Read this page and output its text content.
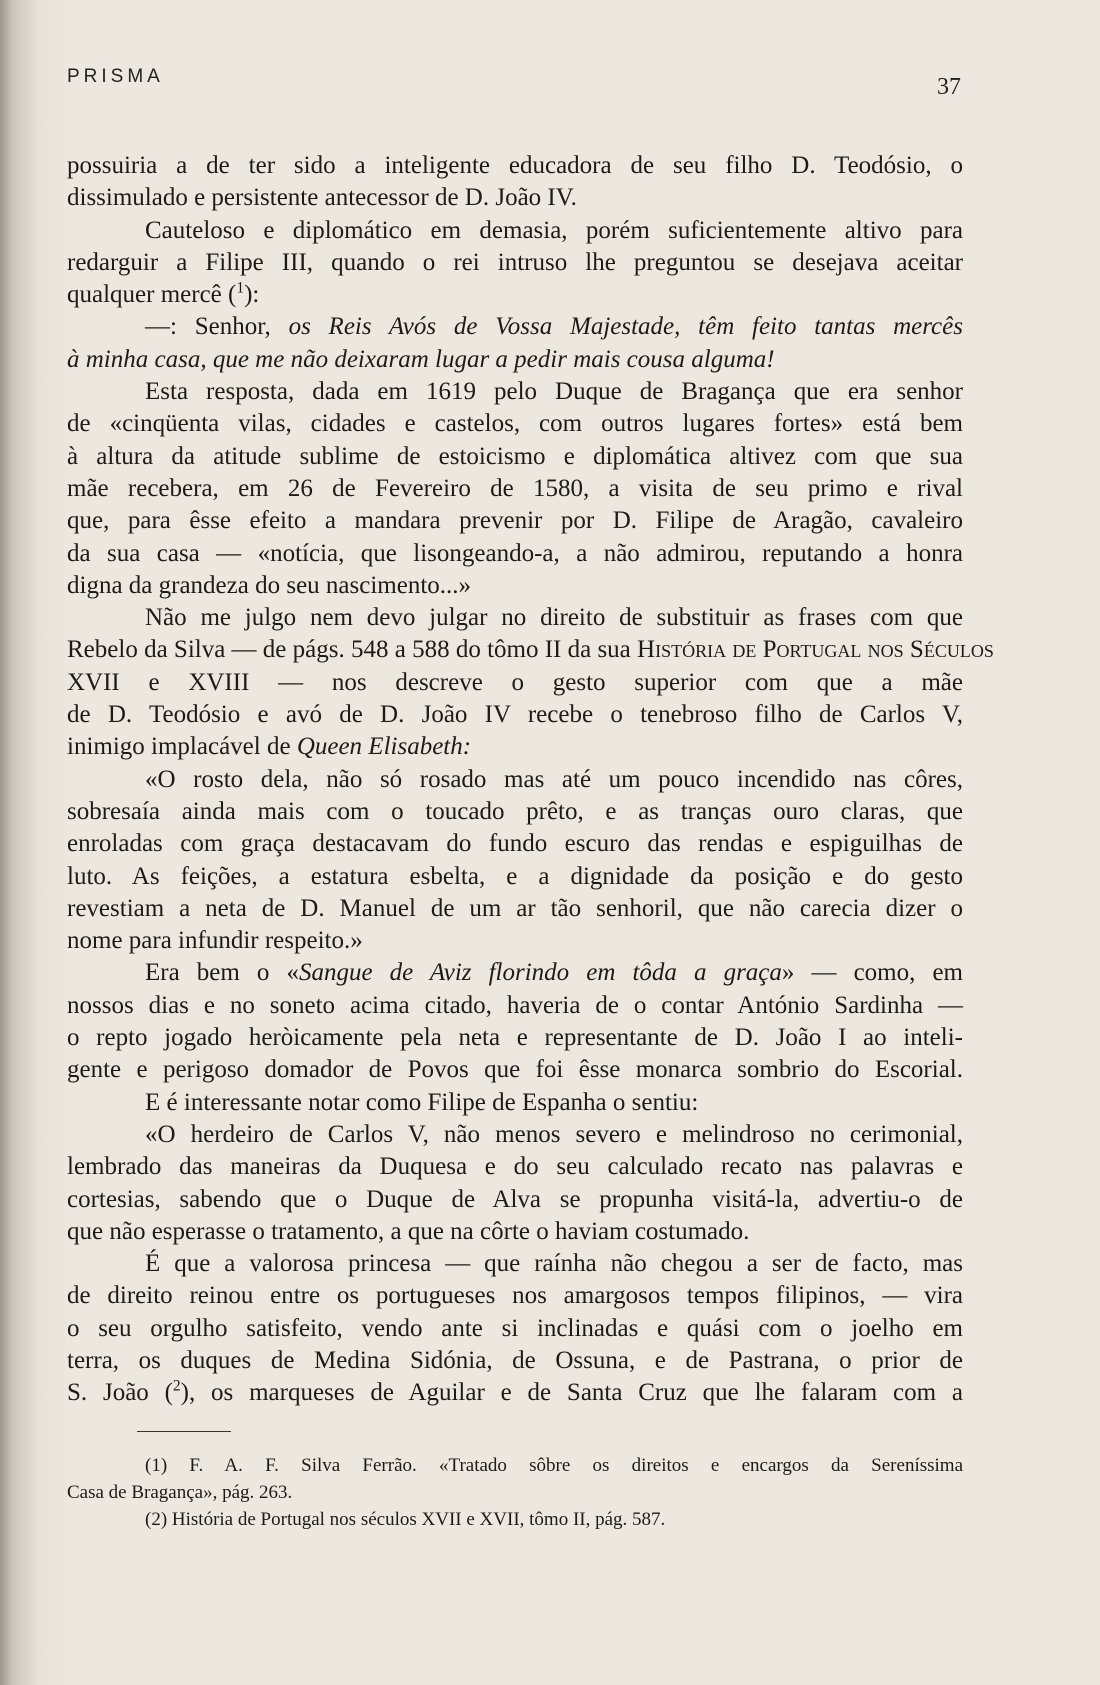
PRISMA	37
possuiria a de ter sido a inteligente educadora de seu filho D. Teodósio, o
dissimulado e persistente antecessor de D. João IV.
Cauteloso e diplomático em demasia, porém suficientemente altivo para
redarguir a Filipe III, quando o rei intruso lhe preguntou se desejava aceitar
qualquer mercê ($^1$):
—: Senhor, os Reis Avós de Vossa Majestade, têm feito tantas mercês
à minha casa, que me não deixaram lugar a pedir mais cousa alguma!
Esta resposta, dada em 1619 pelo Duque de Bragança que era senhor
de «cinqüenta vilas, cidades e castelos, com outros lugares fortes» está bem
à altura da atitude sublime de estoicismo e diplomática altivez com que sua
mãe recebera, em 26 de Fevereiro de 1580, a visita de seu primo e rival
que, para êsse efeito a mandara prevenir por D. Filipe de Aragão, cavaleiro
da sua casa — «notícia, que lisongeando-a, a não admirou, reputando a honra
digna da grandeza do seu nascimento...»
Não me julgo nem devo julgar no direito de substituir as frases com que
Rebelo da Silva — de págs. 548 a 588 do tômo II da sua História de Portugal nos Séculos
XVII e XVIII — nos descreve o gesto superior com que a mãe
de D. Teodósio e avó de D. João IV recebe o tenebroso filho de Carlos V,
inimigo implacável de Queen Elisabeth:
«O rosto dela, não só rosado mas até um pouco incendido nas côres,
sobresaía ainda mais com o toucado prêto, e as tranças ouro claras, que
enroladas com graça destacavam do fundo escuro das rendas e espiguilhas de
luto. As feições, a estatura esbelta, e a dignidade da posição e do gesto
revestiam a neta de D. Manuel de um ar tão senhoril, que não carecia dizer o
nome para infundir respeito.»
Era bem o «Sangue de Aviz florindo em tôda a graça» — como, em
nossos dias e no soneto acima citado, haveria de o contar António Sardinha —
o repto jogado heròicamente pela neta e representante de D. João I ao inteli-
gente e perigoso domador de Povos que foi êsse monarca sombrio do Escorial.
E é interessante notar como Filipe de Espanha o sentiu:
«O herdeiro de Carlos V, não menos severo e melindroso no cerimonial,
lembrado das maneiras da Duquesa e do seu calculado recato nas palavras e
cortesias, sabendo que o Duque de Alva se propunha visitá-la, advertiu-o de
que não esperasse o tratamento, a que na côrte o haviam costumado.
É que a valorosa princesa — que raínha não chegou a ser de facto, mas
de direito reinou entre os portugueses nos amargosos tempos filipinos, — vira
o seu orgulho satisfeito, vendo ante si inclinadas e quási com o joelho em
terra, os duques de Medina Sidónia, de Ossuna, e de Pastrana, o prior de
S. João ($^2$), os marqueses de Aguilar e de Santa Cruz que lhe falaram com a
(1) F. A. F. Silva Ferrão. «Tratado sôbre os direitos e encargos da Sereníssima
Casa de Bragança», pág. 263.
(2) História de Portugal nos séculos XVII e XVII, tômo II, pág. 587.
